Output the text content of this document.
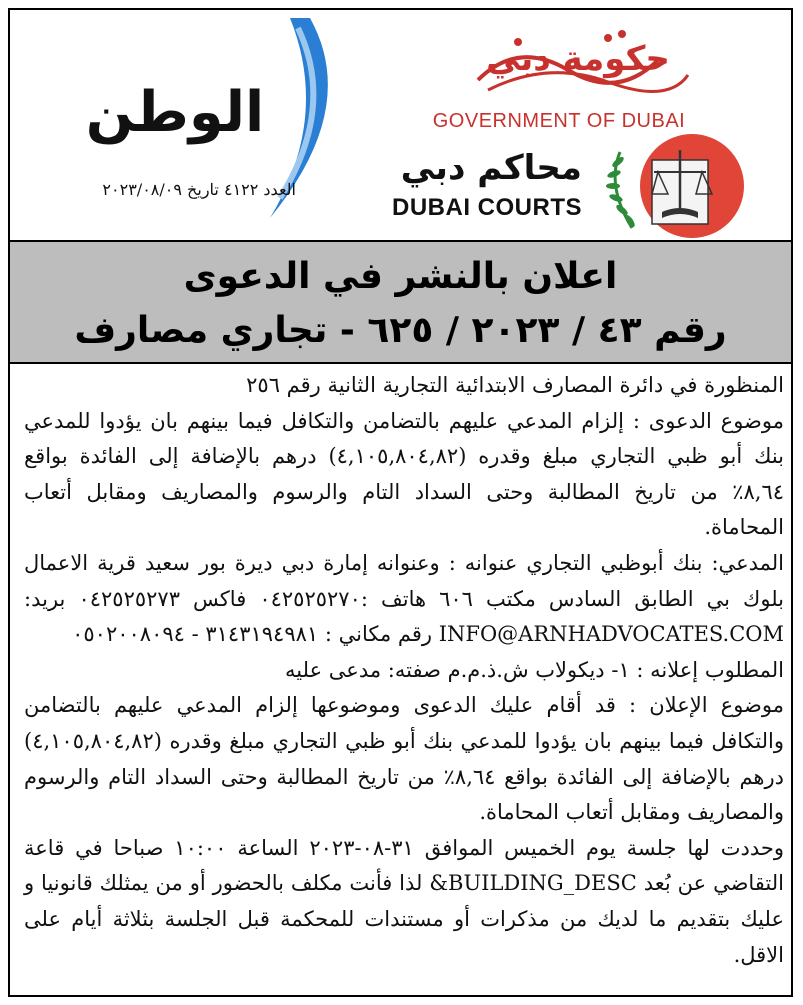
حكومة دبي
GOVERNMENT OF DUBAI
محاكم دبي
DUBAI COURTS
الوطن
العدد ٤١٢٢ تاريخ ٢٠٢٣/٠٨/٠٩
اعلان بالنشر في الدعوى
رقم ٤٣ / ٢٠٢٣ / ٦٢٥ - تجاري مصارف

المنظورة في دائرة المصارف الابتدائية التجارية الثانية رقم ٢٥٦

موضوع الدعوى : إلزام المدعي عليهم بالتضامن والتكافل فيما بينهم بان يؤدوا للمدعي بنك أبو ظبي التجاري مبلغ وقدره (٤,١٠٥,٨٠٤,٨٢) درهم بالإضافة إلى الفائدة بواقع ٨,٦٤٪ من تاريخ المطالبة وحتى السداد التام والرسوم والمصاريف ومقابل أتعاب المحاماة.

المدعي: بنك أبوظبي التجاري عنوانه : وعنوانه إمارة دبي ديرة بور سعيد قرية الاعمال بلوك بي الطابق السادس مكتب ٦٠٦ هاتف :٠٤٢٥٢٥٢٧٠ فاكس ٠٤٢٥٢٥٢٧٣ بريد: INFO@ARNHADVOCATES.COM رقم مكاني : ٣١٤٣١٩٤٩٨١ - ٠٥٠٢٠٠٨٠٩٤

المطلوب إعلانه : ١- ديكولاب ش.ذ.م.م صفته: مدعى عليه

موضوع الإعلان : قد أقام عليك الدعوى وموضوعها إلزام المدعي عليهم بالتضامن والتكافل فيما بينهم بان يؤدوا للمدعي بنك أبو ظبي التجاري مبلغ وقدره (٤,١٠٥,٨٠٤,٨٢) درهم بالإضافة إلى الفائدة بواقع ٨,٦٤٪ من تاريخ المطالبة وحتى السداد التام والرسوم والمصاريف ومقابل أتعاب المحاماة.

وحددت لها جلسة يوم الخميس الموافق ٣١-٠٨-٢٠٢٣ الساعة ١٠:٠٠ صباحا في قاعة التقاضي عن بُعد BUILDING_DESC& لذا فأنت مكلف بالحضور أو من يمثلك قانونيا و عليك بتقديم ما لديك من مذكرات أو مستندات للمحكمة قبل الجلسة بثلاثة أيام على الاقل.
